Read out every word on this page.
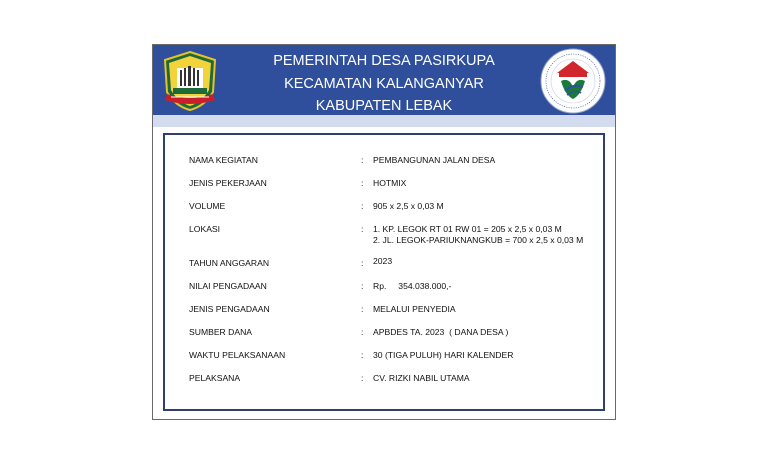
PEMERINTAH DESA PASIRKUPA
KECAMATAN KALANGANYAR
KABUPATEN LEBAK
NAMA KEGIATAN	: PEMBANGUNAN JALAN DESA
JENIS PEKERJAAN	: HOTMIX
VOLUME	: 905 x 2,5 x 0,03 M
LOKASI	: 1. KP. LEGOK RT 01 RW 01 = 205 x 2,5 x 0,03 M
2. JL. LEGOK-PARIUKNANGKUB = 700 x 2,5 x 0,03 M
TAHUN ANGGARAN	: 2023
NILAI PENGADAAN	: Rp.     354.038.000,-
JENIS PENGADAAN	: MELALUI PENYEDIA
SUMBER DANA	: APBDES TA. 2023  ( DANA DESA )
WAKTU PELAKSANAAN	: 30 (TIGA PULUH) HARI KALENDER
PELAKSANA	: CV. RIZKI NABIL UTAMA
